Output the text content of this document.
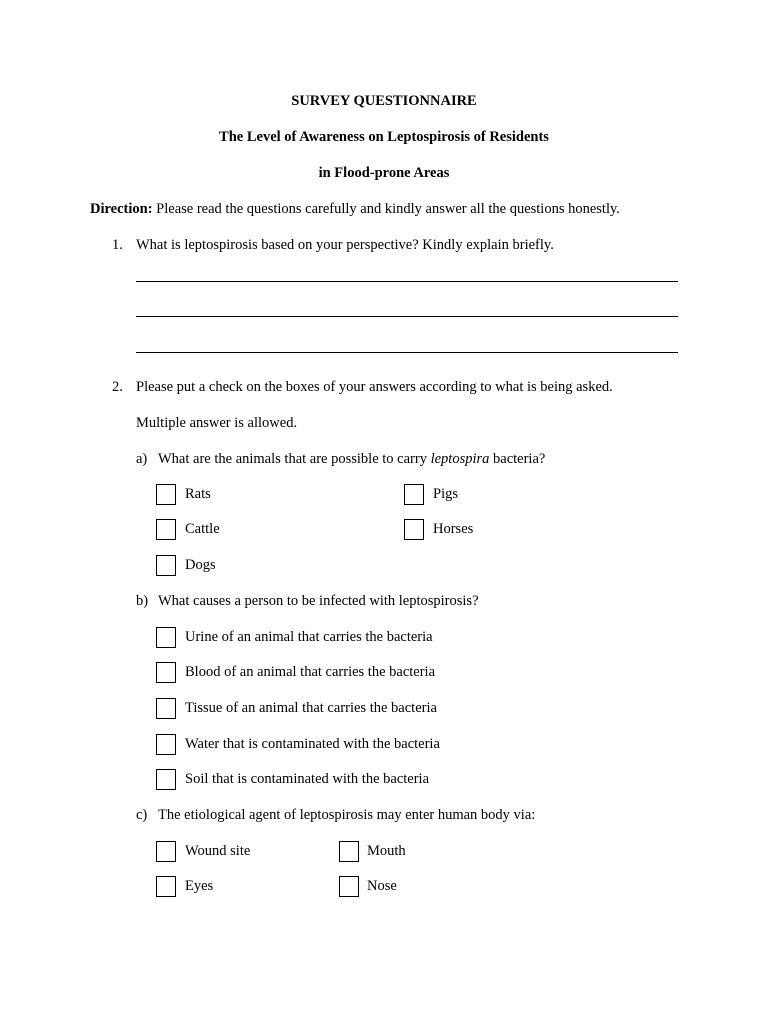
SURVEY QUESTIONNAIRE
The Level of Awareness on Leptospirosis of Residents
in Flood-prone Areas
Direction: Please read the questions carefully and kindly answer all the questions honestly.
1. What is leptospirosis based on your perspective? Kindly explain briefly.
2. Please put a check on the boxes of your answers according to what is being asked.
Multiple answer is allowed.
a) What are the animals that are possible to carry leptospira bacteria?
Rats	Pigs
Cattle	Horses
Dogs
b) What causes a person to be infected with leptospirosis?
Urine of an animal that carries the bacteria
Blood of an animal that carries the bacteria
Tissue of an animal that carries the bacteria
Water that is contaminated with the bacteria
Soil that is contaminated with the bacteria
c) The etiological agent of leptospirosis may enter human body via:
Wound site	Mouth
Eyes	Nose
